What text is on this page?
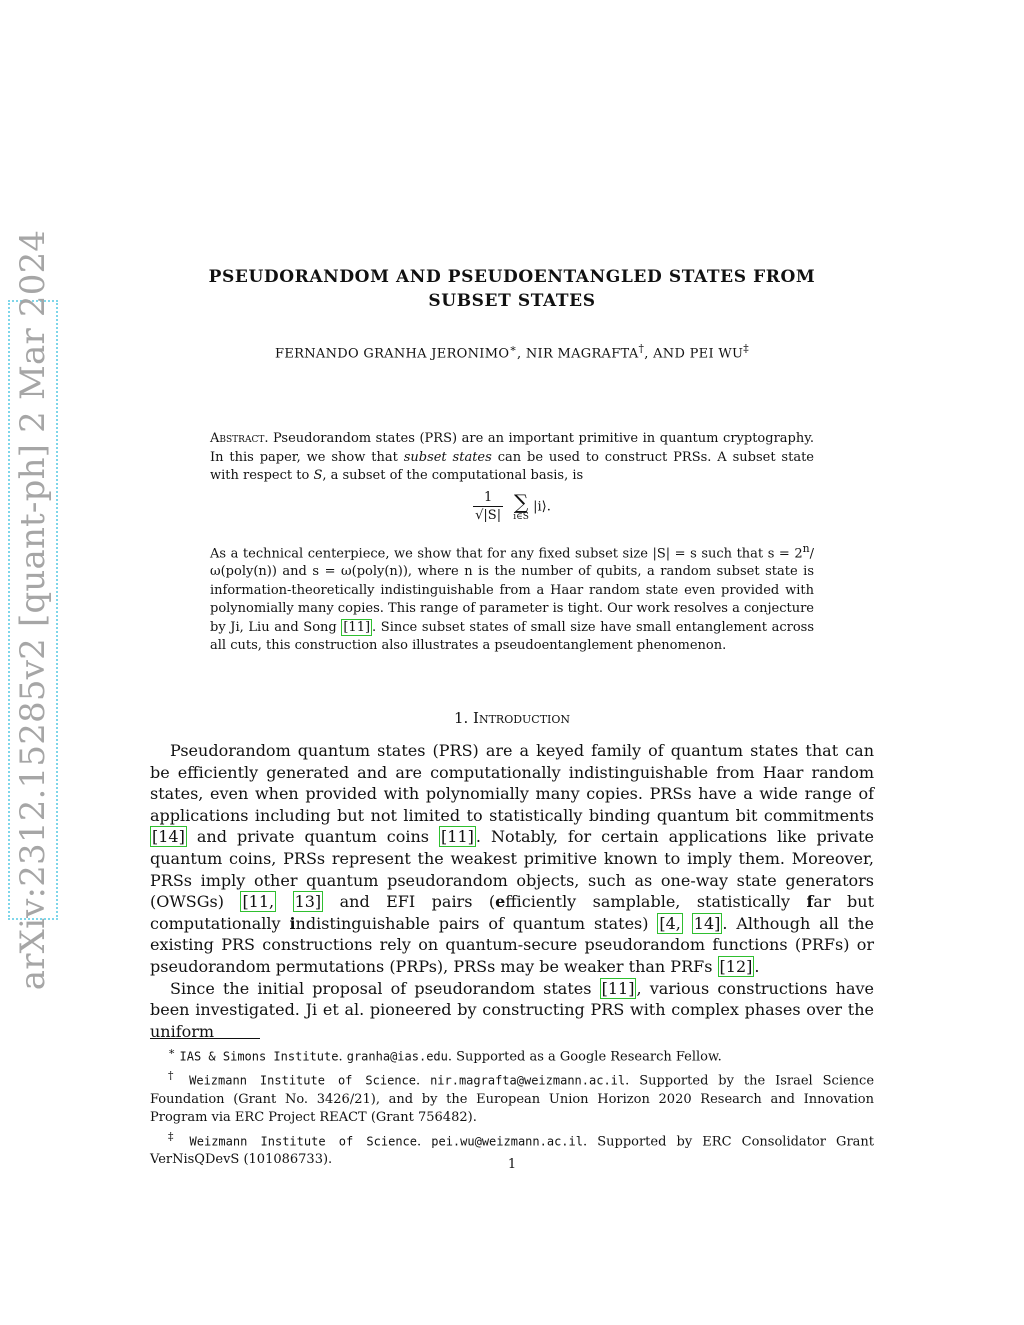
arXiv:2312.15285v2 [quant-ph] 2 Mar 2024	PSEUDORANDOM AND PSEUDOENTANGLED STATES FROM
SUBSET STATES
FERNANDO GRANHA JERONIMO∗, NIR MAGRAFTA†, AND PEI WU‡
Abstract. Pseudorandom states (PRS) are an important primitive in quantum cryptography. In this paper, we show that subset states can be used to construct PRSs. A subset state with respect to S, a subset of the computational basis, is
$\frac{1}{√|S|}$
∑
i∈S
|i⟩.
As a technical centerpiece, we show that for any fixed subset size |S| = s such that $s = 2^n/\omega(poly(n))$ and s = ω(poly(n)), where n is the number of qubits, a random subset state is information-theoretically indistinguishable from a Haar random state even provided with polynomially many copies. This range of parameter is tight. Our work resolves a conjecture by Ji, Liu and Song [11] . Since subset states of small size have small entanglement across all cuts, this construction also illustrates a pseudoentanglement phenomenon.
1. Introduction

Pseudorandom quantum states (PRS) are a keyed family of quantum states that can be efficiently generated and are computationally indistinguishable from Haar random states, even when provided with polynomially many copies. PRSs have a wide range of applications including but not limited to statistically binding quantum bit commitments [14] and private quantum coins [11] . Notably, for certain applications like private quantum coins, PRSs represent the weakest primitive known to imply them. Moreover, PRSs imply other quantum pseudorandom objects, such as one-way state generators (OWSGs) [11, 13] and EFI pairs (efficiently samplable, statistically far but computationally indistinguishable pairs of quantum states) [4, 14] . Although all the existing PRS constructions rely on quantum-secure pseudorandom functions (PRFs) or pseudorandom permutations (PRPs), PRSs may be weaker than PRFs [12] .

Since the initial proposal of pseudorandom states [11] , various constructions have been investigated. Ji et al. pioneered by constructing PRS with complex phases over the uniform

∗ IAS & Simons Institute. granha@ias.edu. Supported as a Google Research Fellow.

† Weizmann Institute of Science. nir.magrafta@weizmann.ac.il. Supported by the Israel Science Foundation (Grant No. 3426/21), and by the European Union Horizon 2020 Research and Innovation Program via ERC Project REACT (Grant 756482).

‡ Weizmann Institute of Science. pei.wu@weizmann.ac.il. Supported by ERC Consolidator Grant VerNisQDevS (101086733).	1
